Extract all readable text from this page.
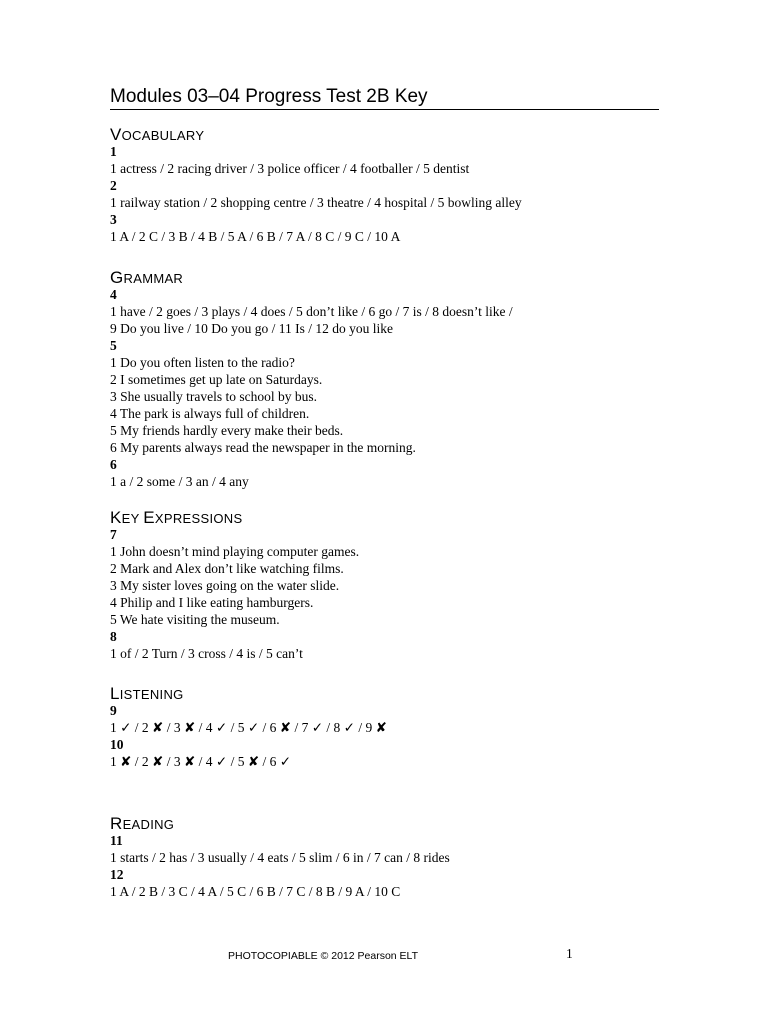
Modules 03–04 Progress Test 2B Key
VOCABULARY
1
1 actress / 2 racing driver / 3 police officer / 4 footballer / 5 dentist
2
1 railway station / 2 shopping centre / 3 theatre / 4 hospital / 5 bowling alley
3
1 A / 2 C / 3 B / 4 B / 5 A / 6 B / 7 A / 8 C / 9 C / 10 A
GRAMMAR
4
1 have / 2 goes / 3 plays / 4 does / 5 don’t like / 6 go / 7 is / 8 doesn’t like /
9 Do you live / 10 Do you go / 11 Is / 12 do you like
5
1 Do you often listen to the radio?
2 I sometimes get up late on Saturdays.
3 She usually travels to school by bus.
4 The park is always full of children.
5 My friends hardly every make their beds.
6 My parents always read the newspaper in the morning.
6
1 a / 2 some / 3 an / 4 any
KEY EXPRESSIONS
7
1 John doesn’t mind playing computer games.
2 Mark and Alex don’t like watching films.
3 My sister loves going on the water slide.
4 Philip and I like eating hamburgers.
5 We hate visiting the museum.
8
1 of / 2 Turn / 3 cross / 4 is / 5 can’t
LISTENING
9
1 ✓ / 2 ✘ / 3 ✘ / 4 ✓ / 5 ✓ / 6 ✘ / 7 ✓ / 8 ✓ / 9 ✘
10
1 ✘ / 2 ✘ / 3 ✘ / 4 ✓ / 5 ✘ / 6 ✓
READING
11
1 starts / 2 has / 3 usually / 4 eats / 5 slim / 6 in / 7 can / 8 rides
12
1 A / 2 B / 3 C / 4 A / 5 C / 6 B / 7 C / 8 B / 9 A / 10 C
PHOTOCOPIABLE © 2012 Pearson ELT	1
